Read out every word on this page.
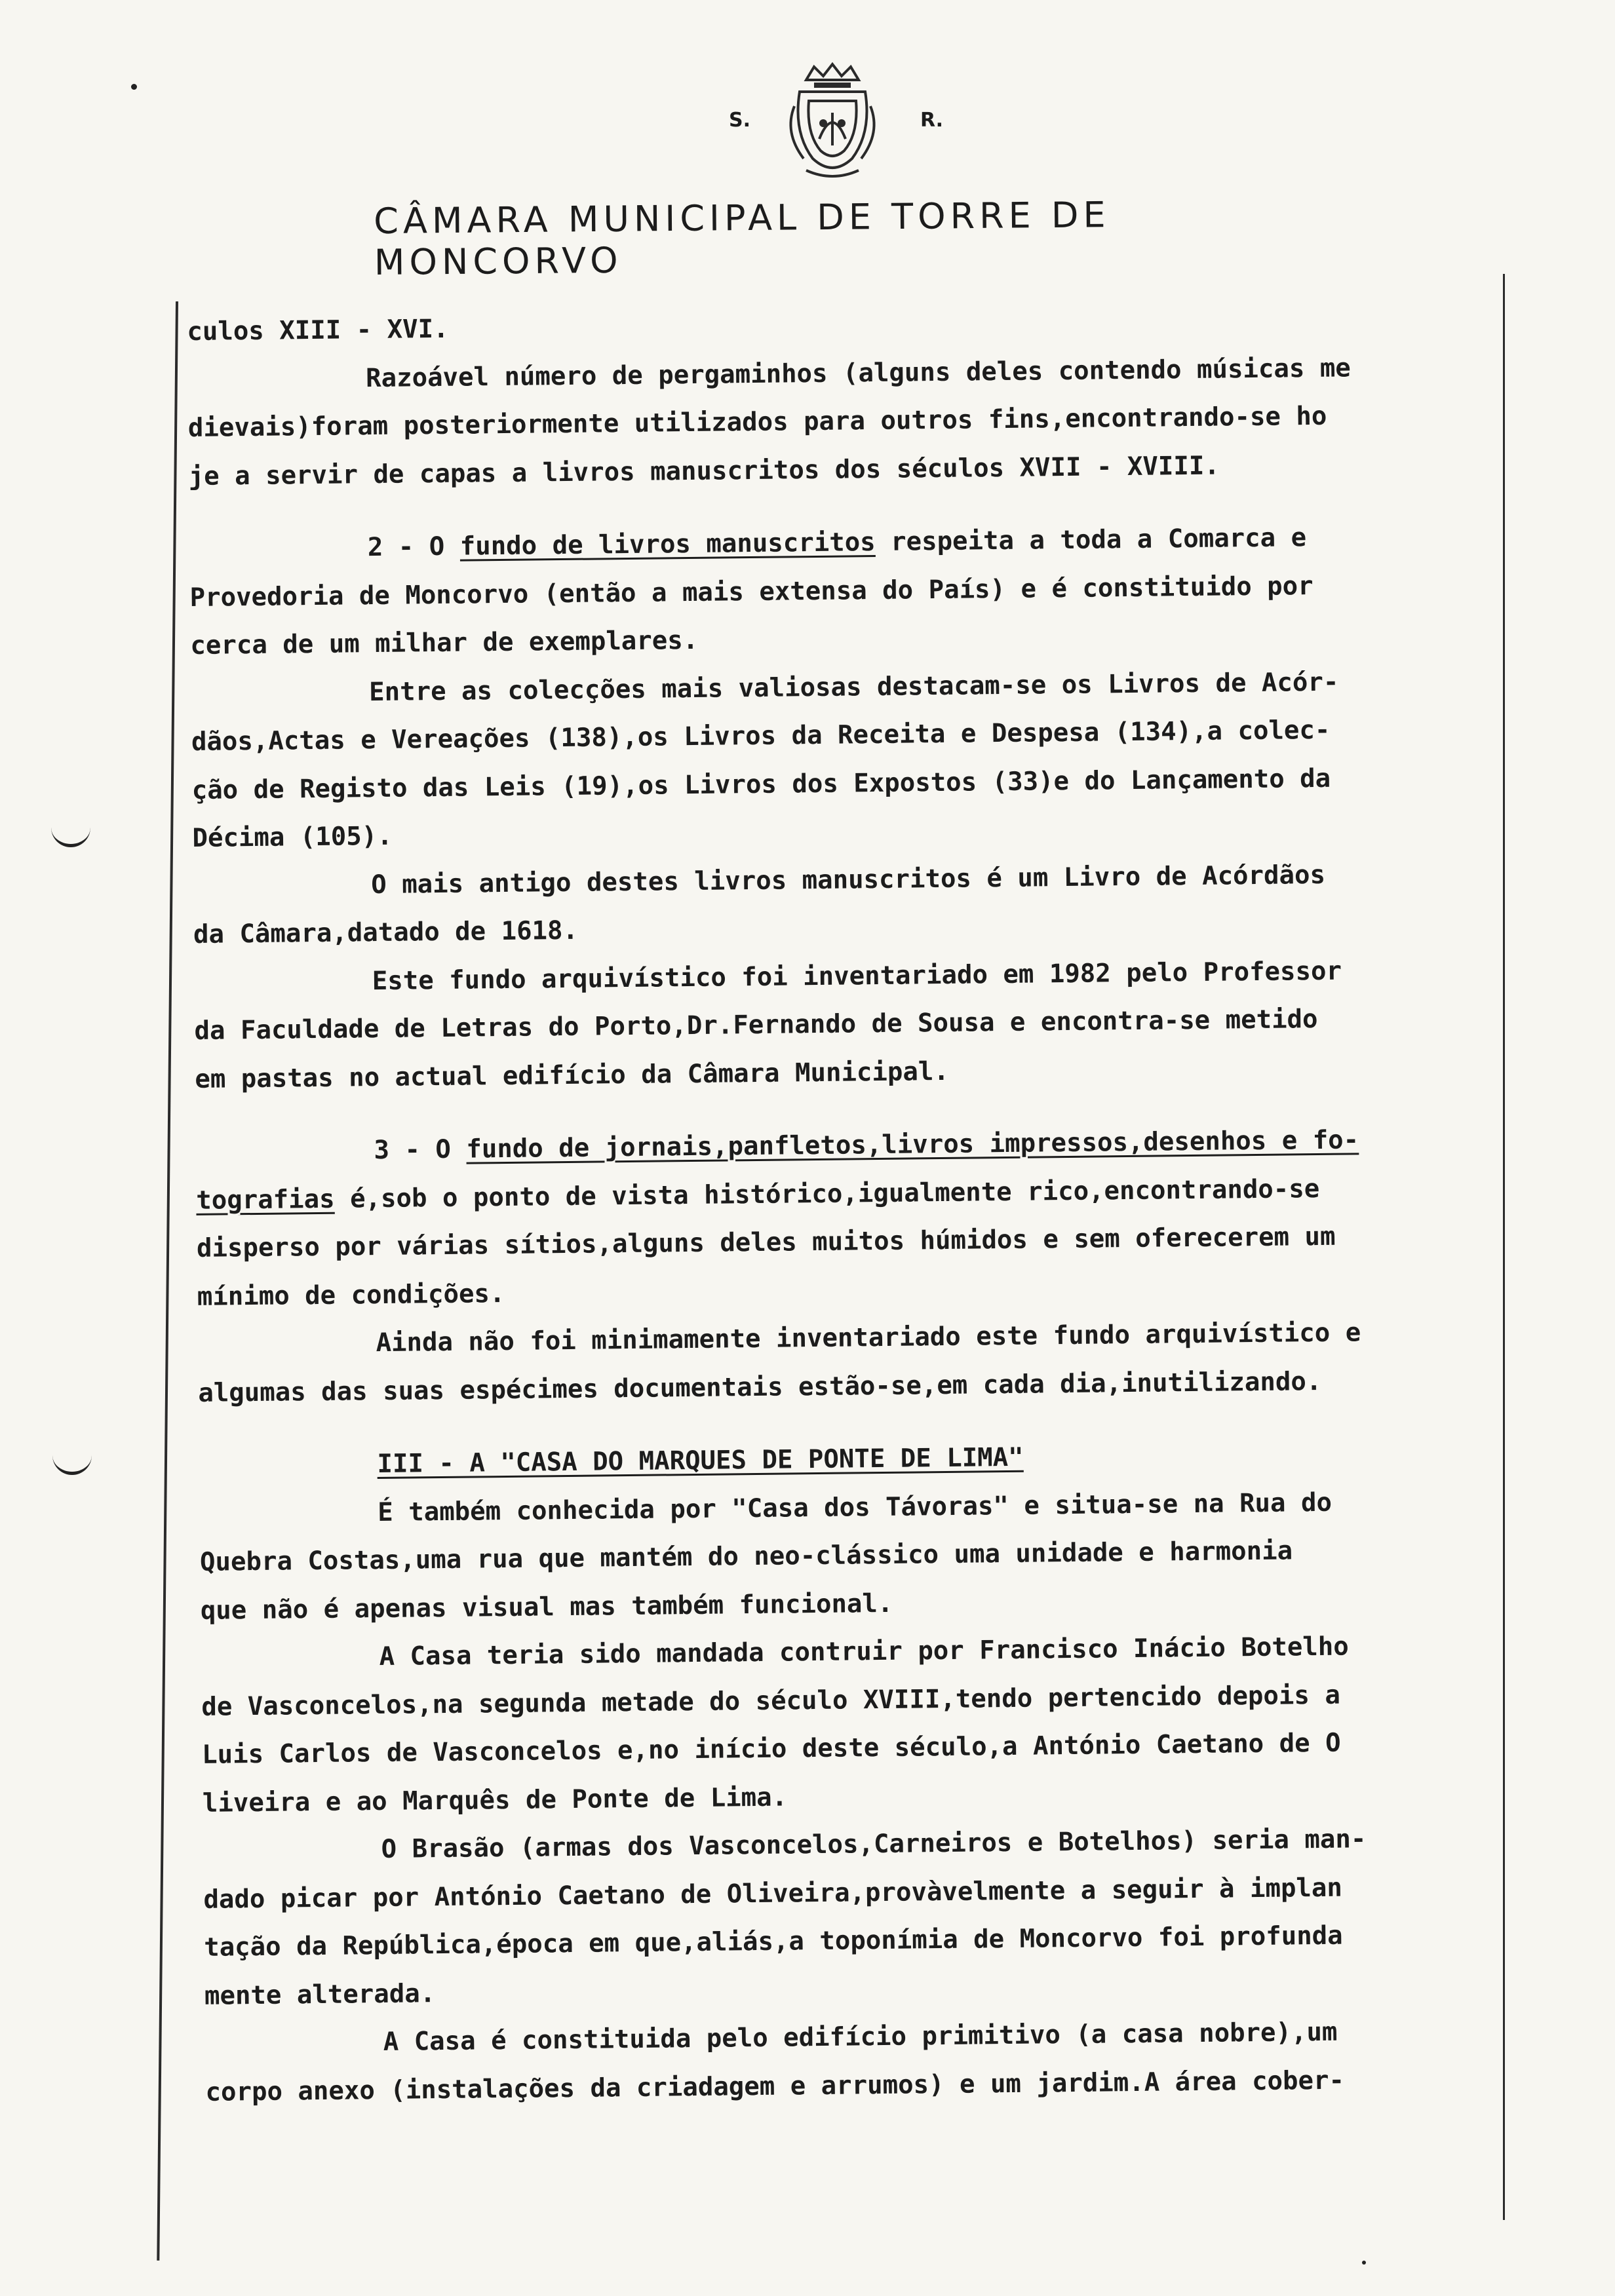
S.	R.
CÂMARA MUNICIPAL DE TORRE DE MONCORVO
culos XIII - XVI.
Razoável número de pergaminhos (alguns deles contendo músicas me
dievais)foram posteriormente utilizados para outros fins,encontrando-se ho
je a servir de capas a livros manuscritos dos séculos XVII - XVIII.
2 - O fundo de livros manuscritos respeita a toda a Comarca e
Provedoria de Moncorvo (então a mais extensa do País) e é constituido por
cerca de um milhar de exemplares.
Entre as colecções mais valiosas destacam-se os Livros de Acór-
dãos,Actas e Vereações (138),os Livros da Receita e Despesa (134),a colec-
ção de Registo das Leis (19),os Livros dos Expostos (33)e do Lançamento da
Décima (105).
O mais antigo destes livros manuscritos é um Livro de Acórdãos
da Câmara,datado de 1618.
Este fundo arquivístico foi inventariado em 1982 pelo Professor
da Faculdade de Letras do Porto,Dr.Fernando de Sousa e encontra-se metido
em pastas no actual edifício da Câmara Municipal.
3 - O fundo de jornais,panfletos,livros impressos,desenhos e fo-
tografias é,sob o ponto de vista histórico,igualmente rico,encontrando-se
disperso por várias sítios,alguns deles muitos húmidos e sem oferecerem um
mínimo de condições.
Ainda não foi minimamente inventariado este fundo arquivístico e
algumas das suas espécimes documentais estão-se,em cada dia,inutilizando.
III - A "CASA DO MARQUES DE PONTE DE LIMA"
É também conhecida por "Casa dos Távoras" e situa-se na Rua do
Quebra Costas,uma rua que mantém do neo-clássico uma unidade e harmonia
que não é apenas visual mas também funcional.
A Casa teria sido mandada contruir por Francisco Inácio Botelho
de Vasconcelos,na segunda metade do século XVIII,tendo pertencido depois a
Luis Carlos de Vasconcelos e,no início deste século,a António Caetano de O
liveira e ao Marquês de Ponte de Lima.
O Brasão (armas dos Vasconcelos,Carneiros e Botelhos) seria man-
dado picar por António Caetano de Oliveira,provàvelmente a seguir à implan
tação da República,época em que,aliás,a toponímia de Moncorvo foi profunda
mente alterada.
A Casa é constituida pelo edifício primitivo (a casa nobre),um
corpo anexo (instalações da criadagem e arrumos) e um jardim.A área cober-
